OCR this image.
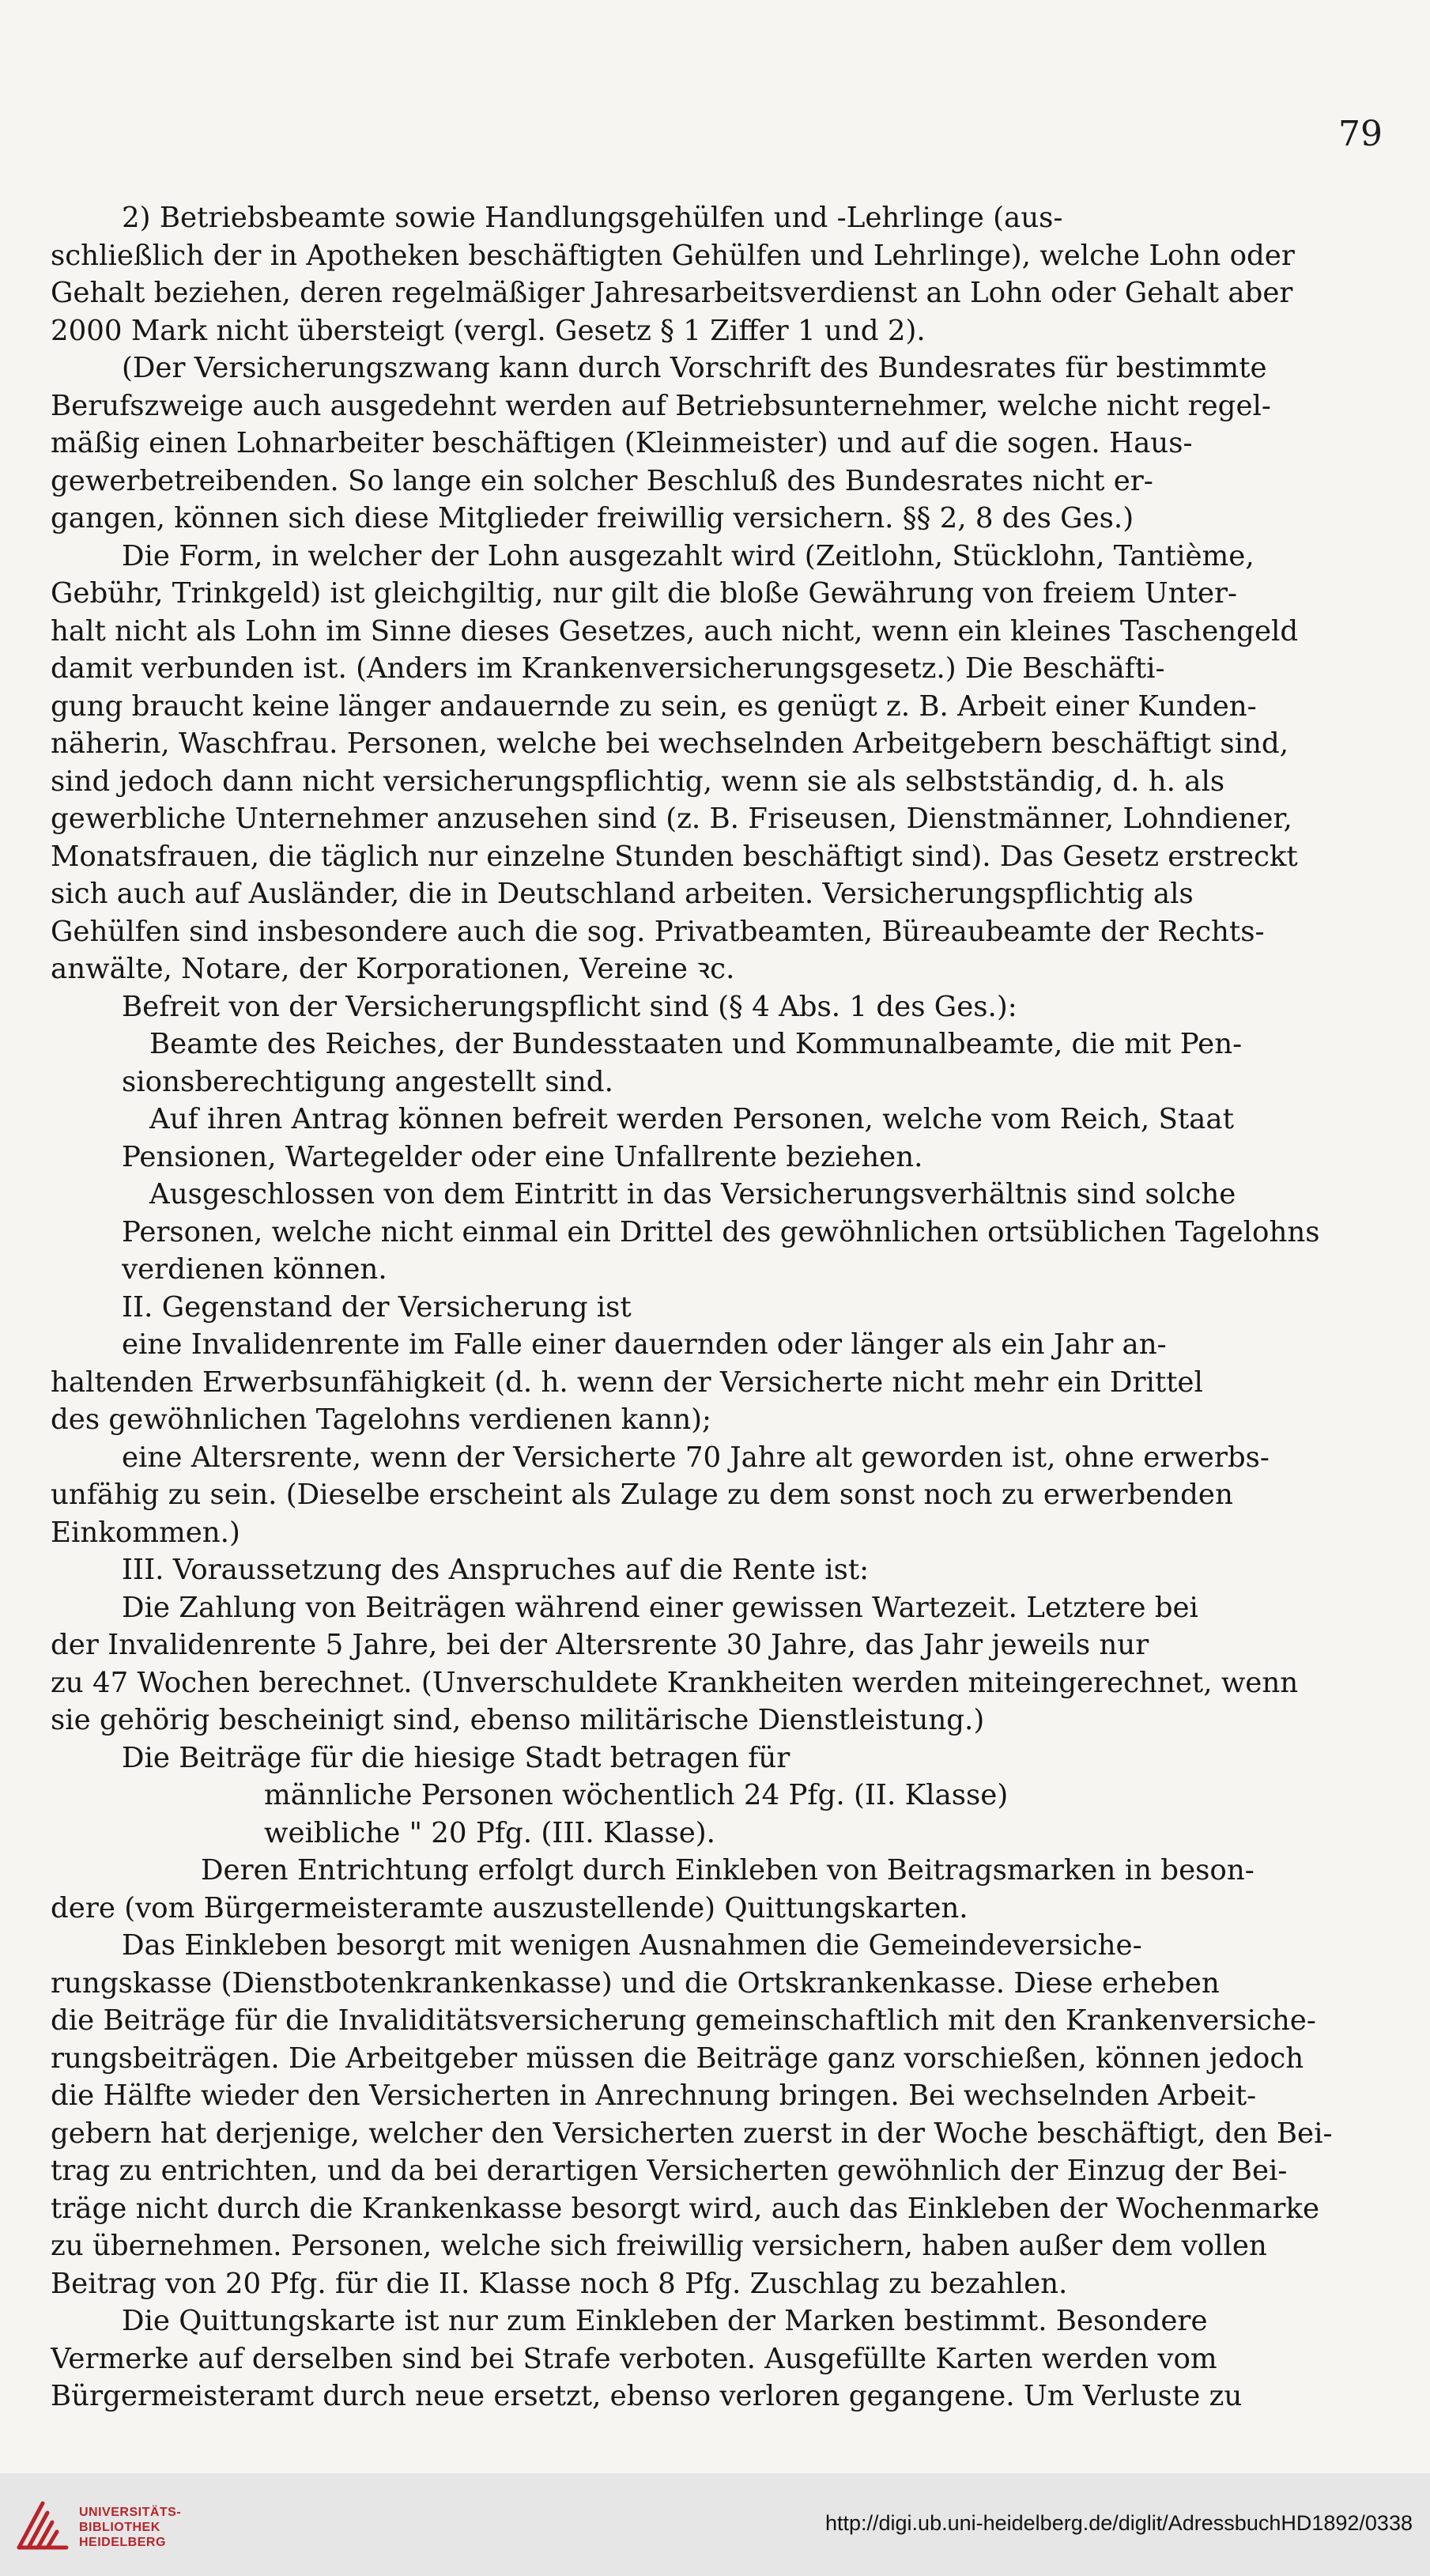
79
2) Betriebsbeamte sowie Handlungsgehülfen und -Lehrlinge (aus-
schließlich der in Apotheken beschäftigten Gehülfen und Lehrlinge), welche Lohn oder
Gehalt beziehen, deren regelmäßiger Jahresarbeitsverdienst an Lohn oder Gehalt aber
2000 Mark nicht übersteigt (vergl. Gesetz § 1 Ziffer 1 und 2).
(Der Versicherungszwang kann durch Vorschrift des Bundesrates für bestimmte
Berufszweige auch ausgedehnt werden auf Betriebsunternehmer, welche nicht regel-
mäßig einen Lohnarbeiter beschäftigen (Kleinmeister) und auf die sogen. Haus-
gewerbetreibenden. So lange ein solcher Beschluß des Bundesrates nicht er-
gangen, können sich diese Mitglieder freiwillig versichern. §§ 2, 8 des Ges.)
Die Form, in welcher der Lohn ausgezahlt wird (Zeitlohn, Stücklohn, Tantième,
Gebühr, Trinkgeld) ist gleichgiltig, nur gilt die bloße Gewährung von freiem Unter-
halt nicht als Lohn im Sinne dieses Gesetzes, auch nicht, wenn ein kleines Taschengeld
damit verbunden ist. (Anders im Krankenversicherungsgesetz.) Die Beschäfti-
gung braucht keine länger andauernde zu sein, es genügt z. B. Arbeit einer Kunden-
näherin, Waschfrau. Personen, welche bei wechselnden Arbeitgebern beschäftigt sind,
sind jedoch dann nicht versicherungspflichtig, wenn sie als selbstständig, d. h. als
gewerbliche Unternehmer anzusehen sind (z. B. Friseusen, Dienstmänner, Lohndiener,
Monatsfrauen, die täglich nur einzelne Stunden beschäftigt sind). Das Gesetz erstreckt
sich auch auf Ausländer, die in Deutschland arbeiten. Versicherungspflichtig als
Gehülfen sind insbesondere auch die sog. Privatbeamten, Büreaubeamte der Rechts-
anwälte, Notare, der Korporationen, Vereine ꝛc.
Befreit von der Versicherungspflicht sind (§ 4 Abs. 1 des Ges.):
Beamte des Reiches, der Bundesstaaten und Kommunalbeamte, die mit Pen-
sionsberechtigung angestellt sind.
Auf ihren Antrag können befreit werden Personen, welche vom Reich, Staat
Pensionen, Wartegelder oder eine Unfallrente beziehen.
Ausgeschlossen von dem Eintritt in das Versicherungsverhältnis sind solche
Personen, welche nicht einmal ein Drittel des gewöhnlichen ortsüblichen Tagelohns
verdienen können.
II. Gegenstand der Versicherung ist
eine Invalidenrente im Falle einer dauernden oder länger als ein Jahr an-
haltenden Erwerbsunfähigkeit (d. h. wenn der Versicherte nicht mehr ein Drittel
des gewöhnlichen Tagelohns verdienen kann);
eine Altersrente, wenn der Versicherte 70 Jahre alt geworden ist, ohne erwerbs-
unfähig zu sein. (Dieselbe erscheint als Zulage zu dem sonst noch zu erwerbenden
Einkommen.)
III. Voraussetzung des Anspruches auf die Rente ist:
Die Zahlung von Beiträgen während einer gewissen Wartezeit. Letztere bei
der Invalidenrente 5 Jahre, bei der Altersrente 30 Jahre, das Jahr jeweils nur
zu 47 Wochen berechnet. (Unverschuldete Krankheiten werden miteingerechnet, wenn
sie gehörig bescheinigt sind, ebenso militärische Dienstleistung.)
Die Beiträge für die hiesige Stadt betragen für
männliche Personen wöchentlich 24 Pfg. (II. Klasse)
weibliche " 20 Pfg. (III. Klasse).
Deren Entrichtung erfolgt durch Einkleben von Beitragsmarken in beson-
dere (vom Bürgermeisteramte auszustellende) Quittungskarten.
Das Einkleben besorgt mit wenigen Ausnahmen die Gemeindeversiche-
rungskasse (Dienstbotenkrankenkasse) und die Ortskrankenkasse. Diese erheben
die Beiträge für die Invaliditätsversicherung gemeinschaftlich mit den Krankenversiche-
rungsbeiträgen. Die Arbeitgeber müssen die Beiträge ganz vorschießen, können jedoch
die Hälfte wieder den Versicherten in Anrechnung bringen. Bei wechselnden Arbeit-
gebern hat derjenige, welcher den Versicherten zuerst in der Woche beschäftigt, den Bei-
trag zu entrichten, und da bei derartigen Versicherten gewöhnlich der Einzug der Bei-
träge nicht durch die Krankenkasse besorgt wird, auch das Einkleben der Wochenmarke
zu übernehmen. Personen, welche sich freiwillig versichern, haben außer dem vollen
Beitrag von 20 Pfg. für die II. Klasse noch 8 Pfg. Zuschlag zu bezahlen.
Die Quittungskarte ist nur zum Einkleben der Marken bestimmt. Besondere
Vermerke auf derselben sind bei Strafe verboten. Ausgefüllte Karten werden vom
Bürgermeisteramt durch neue ersetzt, ebenso verloren gegangene. Um Verluste zu
UNIVERSITÄTS-
BIBLIOTHEK
HEIDELBERG
http://digi.ub.uni-heidelberg.de/diglit/AdressbuchHD1892/0338
